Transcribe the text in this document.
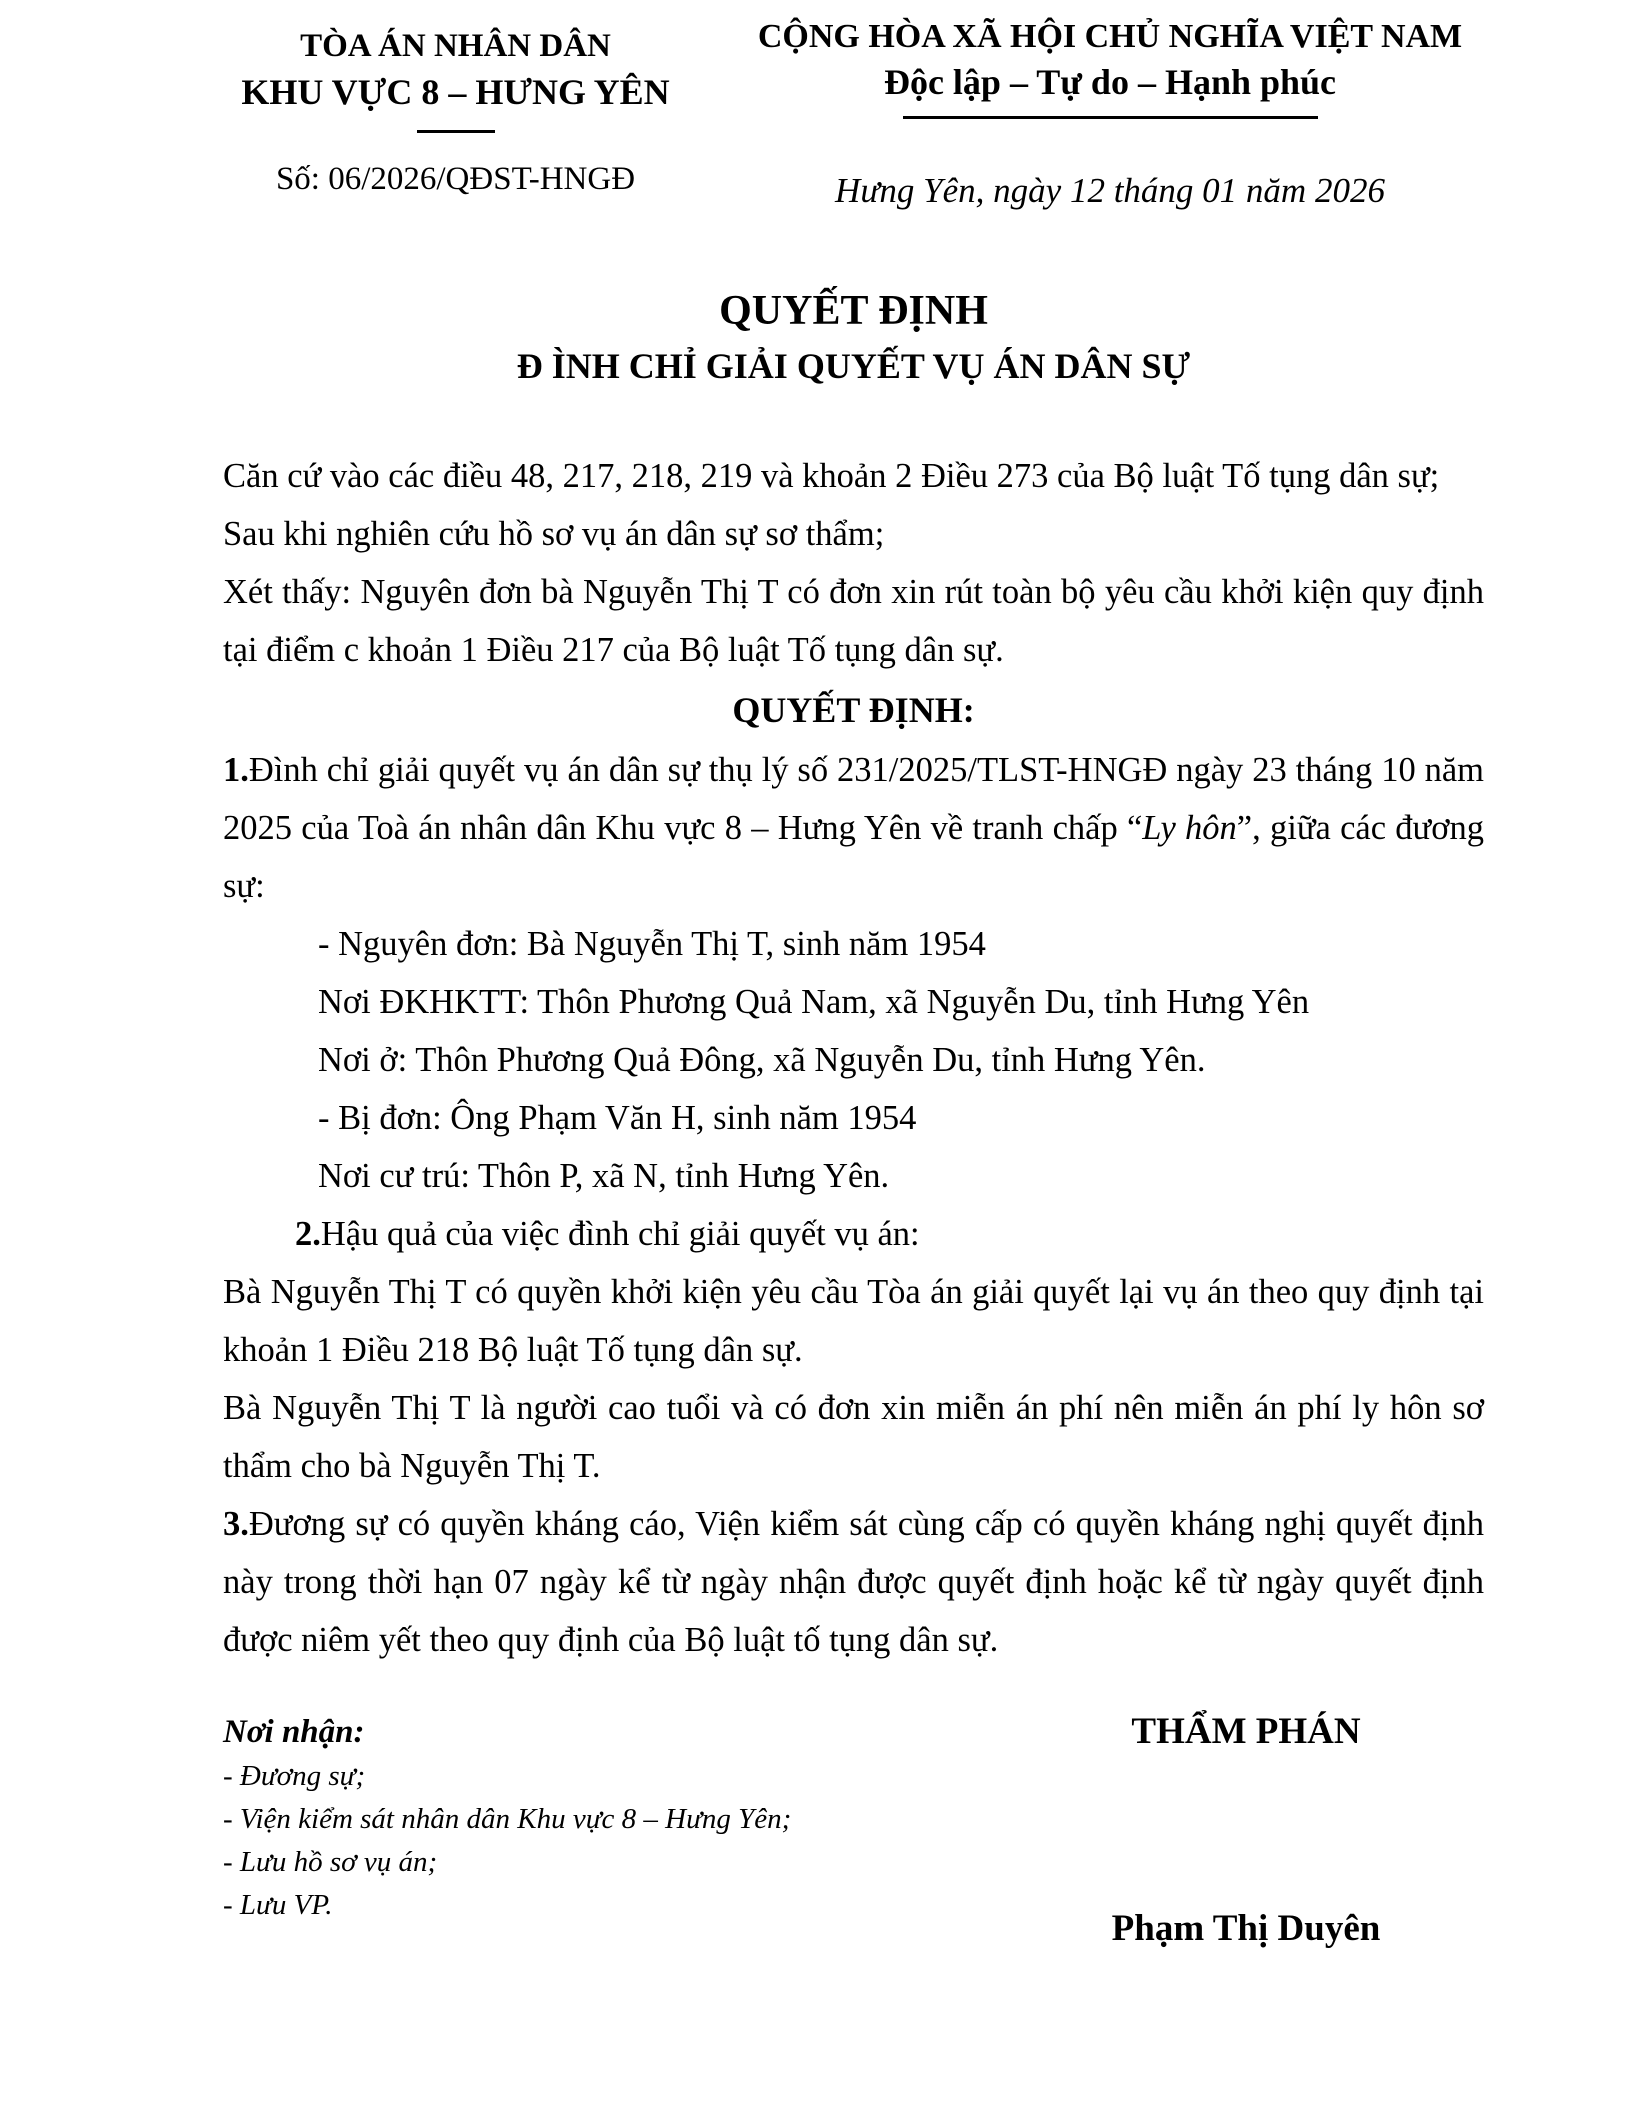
TÒA ÁN NHÂN DÂN
KHU VỰC 8 – HƯNG YÊN
Số: 06/2026/QĐST-HNGĐ
CỘNG HÒA XÃ HỘI CHỦ NGHĨA VIỆT NAM
Độc lập – Tự do – Hạnh phúc
Hưng Yên, ngày 12 tháng 01 năm 2026
QUYẾT ĐỊNH
Đ ÌNH CHỈ GIẢI QUYẾT VỤ ÁN DÂN SỰ

Căn cứ vào các điều 48, 217, 218, 219 và khoản 2 Điều 273 của Bộ luật Tố tụng dân sự;

Sau khi nghiên cứu hồ sơ vụ án dân sự sơ thẩm;

Xét thấy: Nguyên đơn bà Nguyễn Thị T có đơn xin rút toàn bộ yêu cầu khởi kiện quy định tại điểm c khoản 1 Điều 217 của Bộ luật Tố tụng dân sự.

QUYẾT ĐỊNH:

1.Đình chỉ giải quyết vụ án dân sự thụ lý số 231/2025/TLST-HNGĐ ngày 23 tháng 10 năm 2025 của Toà án nhân dân Khu vực 8 – Hưng Yên về tranh chấp “Ly hôn”, giữa các đương sự:

- Nguyên đơn: Bà Nguyễn Thị T, sinh năm 1954

Nơi ĐKHKTT: Thôn Phương Quả Nam, xã Nguyễn Du, tỉnh Hưng Yên

Nơi ở: Thôn Phương Quả Đông, xã Nguyễn Du, tỉnh Hưng Yên.

- Bị đơn: Ông Phạm Văn H, sinh năm 1954

Nơi cư trú: Thôn P, xã N, tỉnh Hưng Yên.

2.Hậu quả của việc đình chỉ giải quyết vụ án:

Bà Nguyễn Thị T có quyền khởi kiện yêu cầu Tòa án giải quyết lại vụ án theo quy định tại khoản 1 Điều 218 Bộ luật Tố tụng dân sự.

Bà Nguyễn Thị T là người cao tuổi và có đơn xin miễn án phí nên miễn án phí ly hôn sơ thẩm cho bà Nguyễn Thị T.

3.Đương sự có quyền kháng cáo, Viện kiểm sát cùng cấp có quyền kháng nghị quyết định này trong thời hạn 07 ngày kể từ ngày nhận được quyết định hoặc kể từ ngày quyết định được niêm yết theo quy định của Bộ luật tố tụng dân sự.

Nơi nhận:
- Đương sự;
- Viện kiểm sát nhân dân Khu vực 8 – Hưng Yên;
- Lưu hồ sơ vụ án;
- Lưu VP.
THẨM PHÁN
Phạm Thị Duyên
